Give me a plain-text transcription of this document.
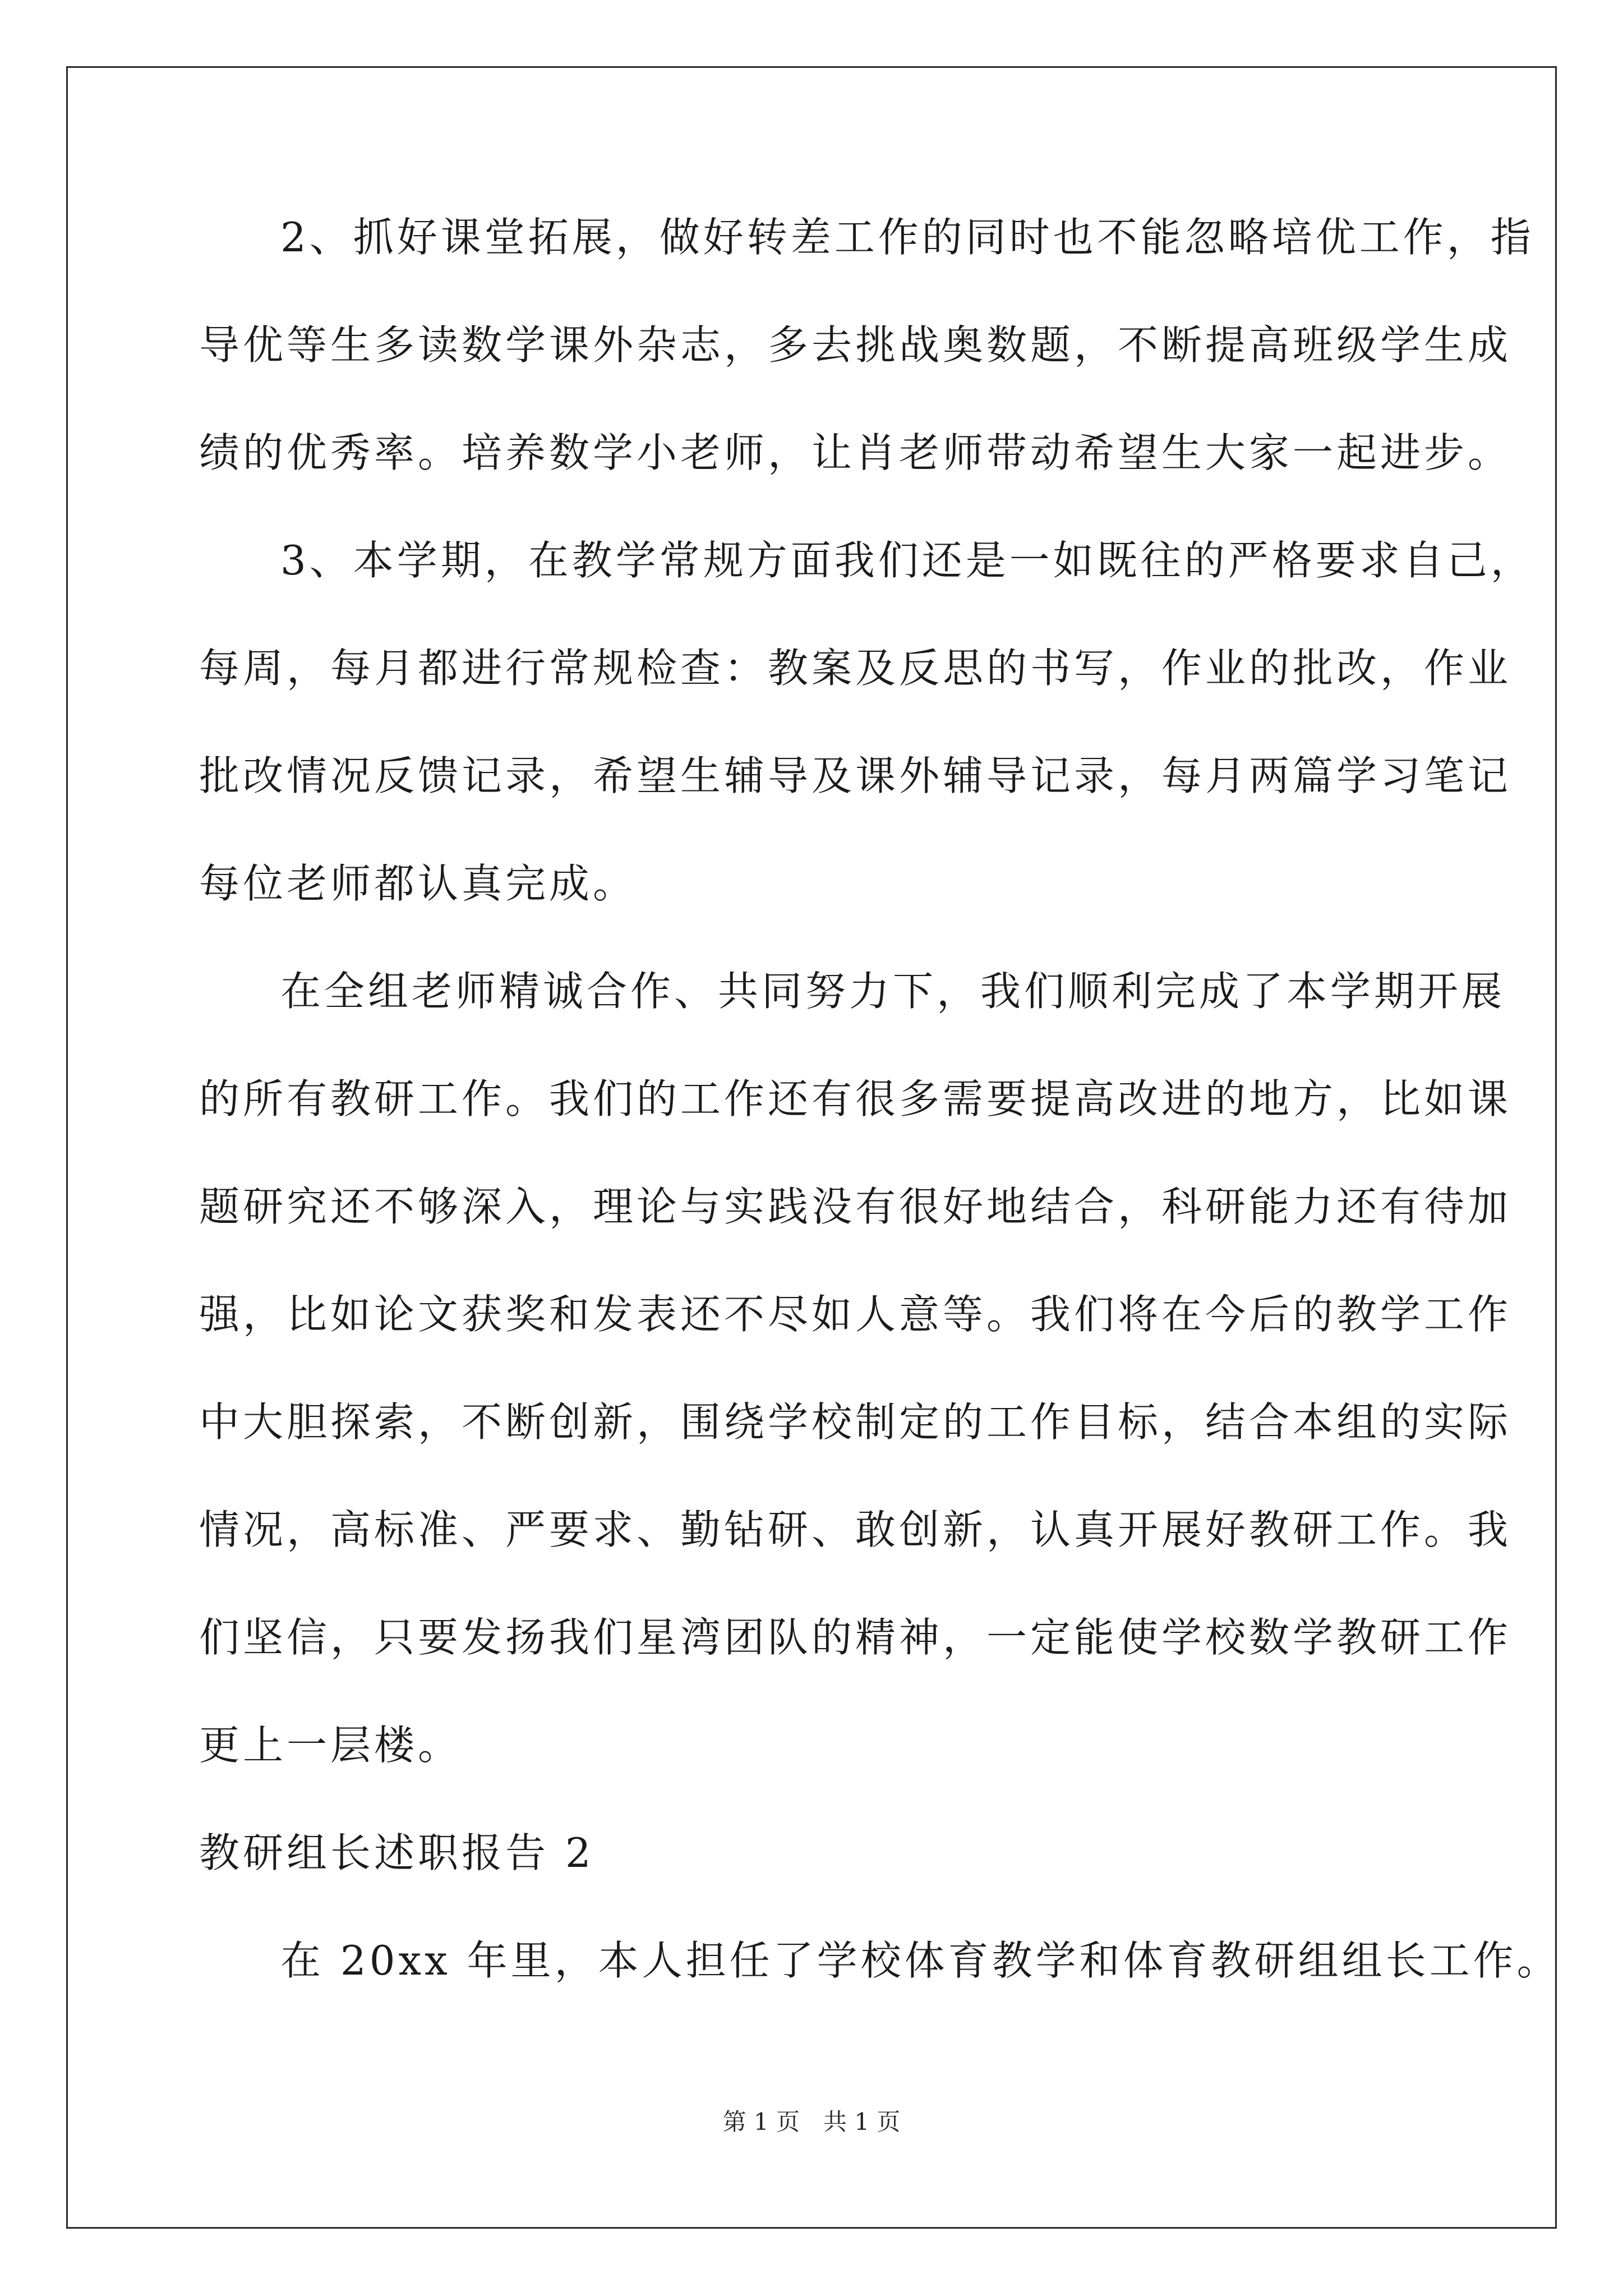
2、抓好课堂拓展，做好转差工作的同时也不能忽略培优工作，指
导优等生多读数学课外杂志，多去挑战奥数题，不断提高班级学生成
绩的优秀率。培养数学小老师，让肖老师带动希望生大家一起进步。
3、本学期，在教学常规方面我们还是一如既往的严格要求自己，
每周，每月都进行常规检查：教案及反思的书写，作业的批改，作业
批改情况反馈记录，希望生辅导及课外辅导记录，每月两篇学习笔记
每位老师都认真完成。
在全组老师精诚合作、共同努力下，我们顺利完成了本学期开展
的所有教研工作。我们的工作还有很多需要提高改进的地方，比如课
题研究还不够深入，理论与实践没有很好地结合，科研能力还有待加
强，比如论文获奖和发表还不尽如人意等。我们将在今后的教学工作
中大胆探索，不断创新，围绕学校制定的工作目标，结合本组的实际
情况，高标准、严要求、勤钻研、敢创新，认真开展好教研工作。我
们坚信，只要发扬我们星湾团队的精神，一定能使学校数学教研工作
更上一层楼。
教研组长述职报告 2
在 20xx 年里，本人担任了学校体育教学和体育教研组组长工作。
第 1 页　共 1 页
